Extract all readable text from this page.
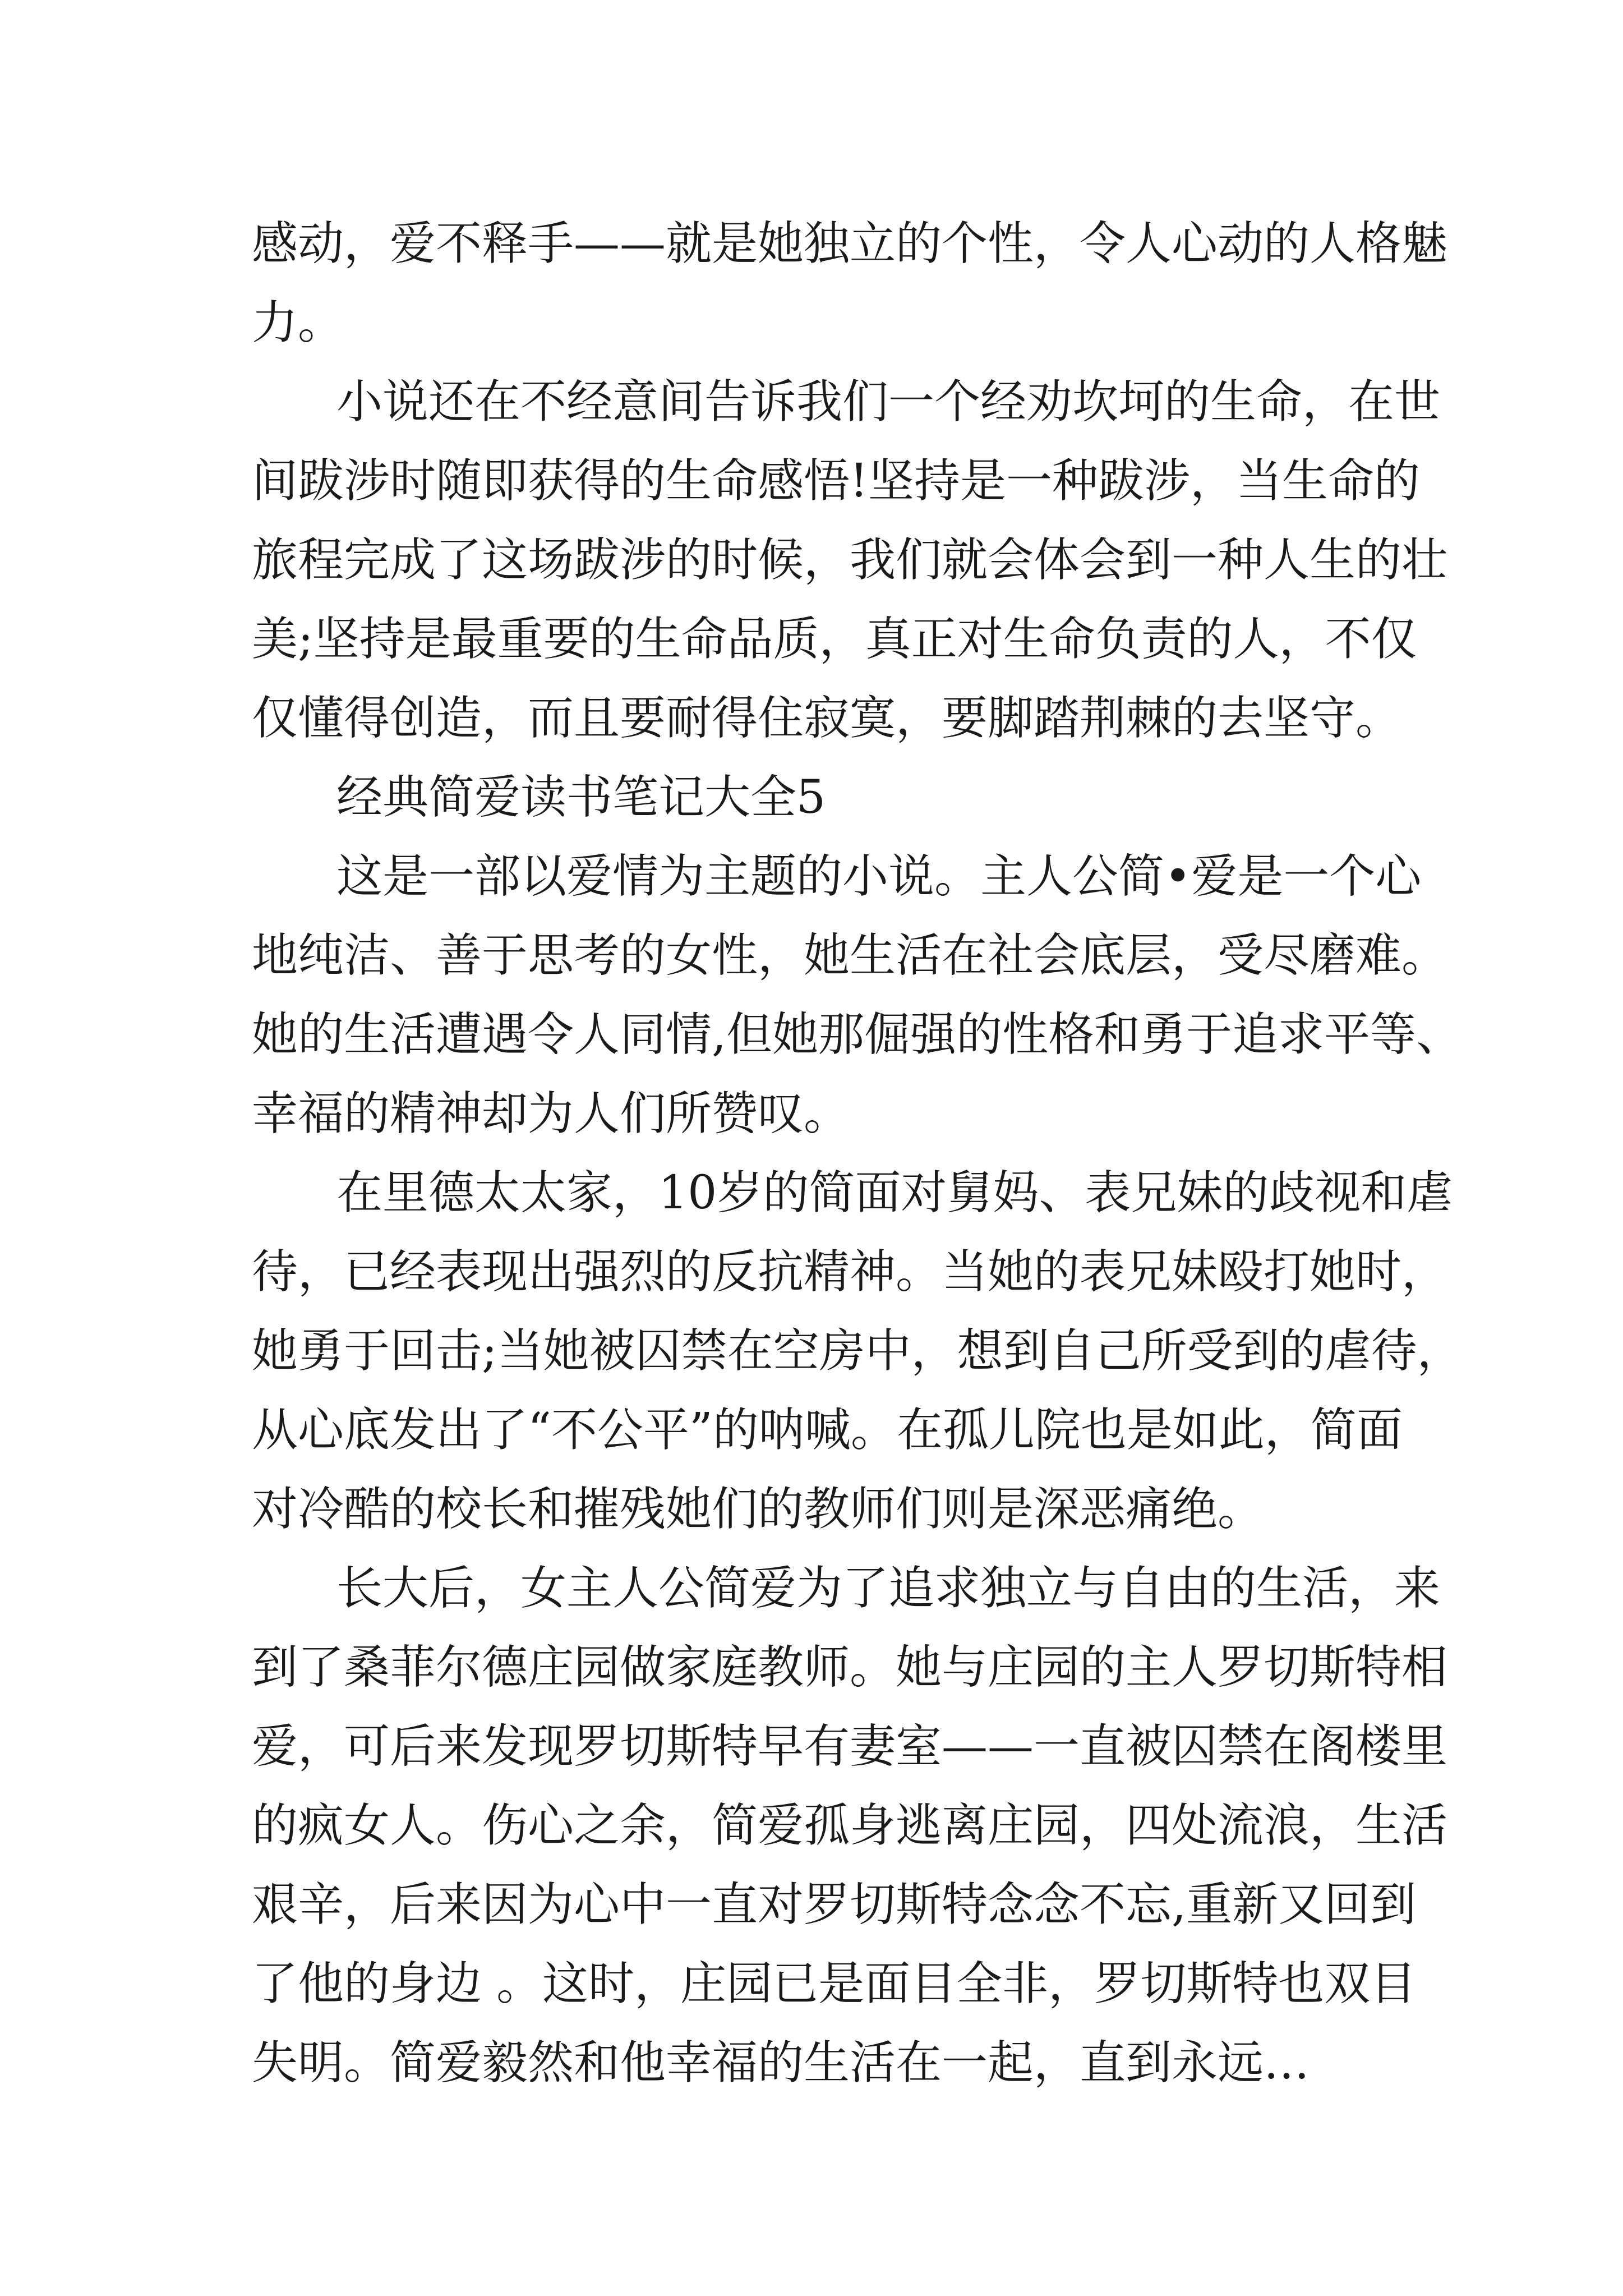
感动，爱不释手——就是她独立的个性，令人心动的人格魅
力。
小说还在不经意间告诉我们一个经劝坎坷的生命，在世
间跋涉时随即获得的生命感悟!坚持是一种跋涉，当生命的
旅程完成了这场跋涉的时候，我们就会体会到一种人生的壮
美;坚持是最重要的生命品质，真正对生命负责的人，不仅
仅懂得创造，而且要耐得住寂寞，要脚踏荆棘的去坚守。
经典简爱读书笔记大全5
这是一部以爱情为主题的小说。主人公简•爱是一个心
地纯洁、善于思考的女性，她生活在社会底层，受尽磨难。
她的生活遭遇令人同情,但她那倔强的性格和勇于追求平等、
幸福的精神却为人们所赞叹。
在里德太太家，10岁的简面对舅妈、表兄妹的歧视和虐
待，已经表现出强烈的反抗精神。当她的表兄妹殴打她时，
她勇于回击;当她被囚禁在空房中，想到自己所受到的虐待，
从心底发出了“不公平”的呐喊。在孤儿院也是如此，简面
对冷酷的校长和摧残她们的教师们则是深恶痛绝。
长大后，女主人公简爱为了追求独立与自由的生活，来
到了桑菲尔德庄园做家庭教师。她与庄园的主人罗切斯特相
爱，可后来发现罗切斯特早有妻室——一直被囚禁在阁楼里
的疯女人。伤心之余，简爱孤身逃离庄园，四处流浪，生活
艰辛，后来因为心中一直对罗切斯特念念不忘,重新又回到
了他的身边 。这时，庄园已是面目全非，罗切斯特也双目
失明。简爱毅然和他幸福的生活在一起，直到永远…
